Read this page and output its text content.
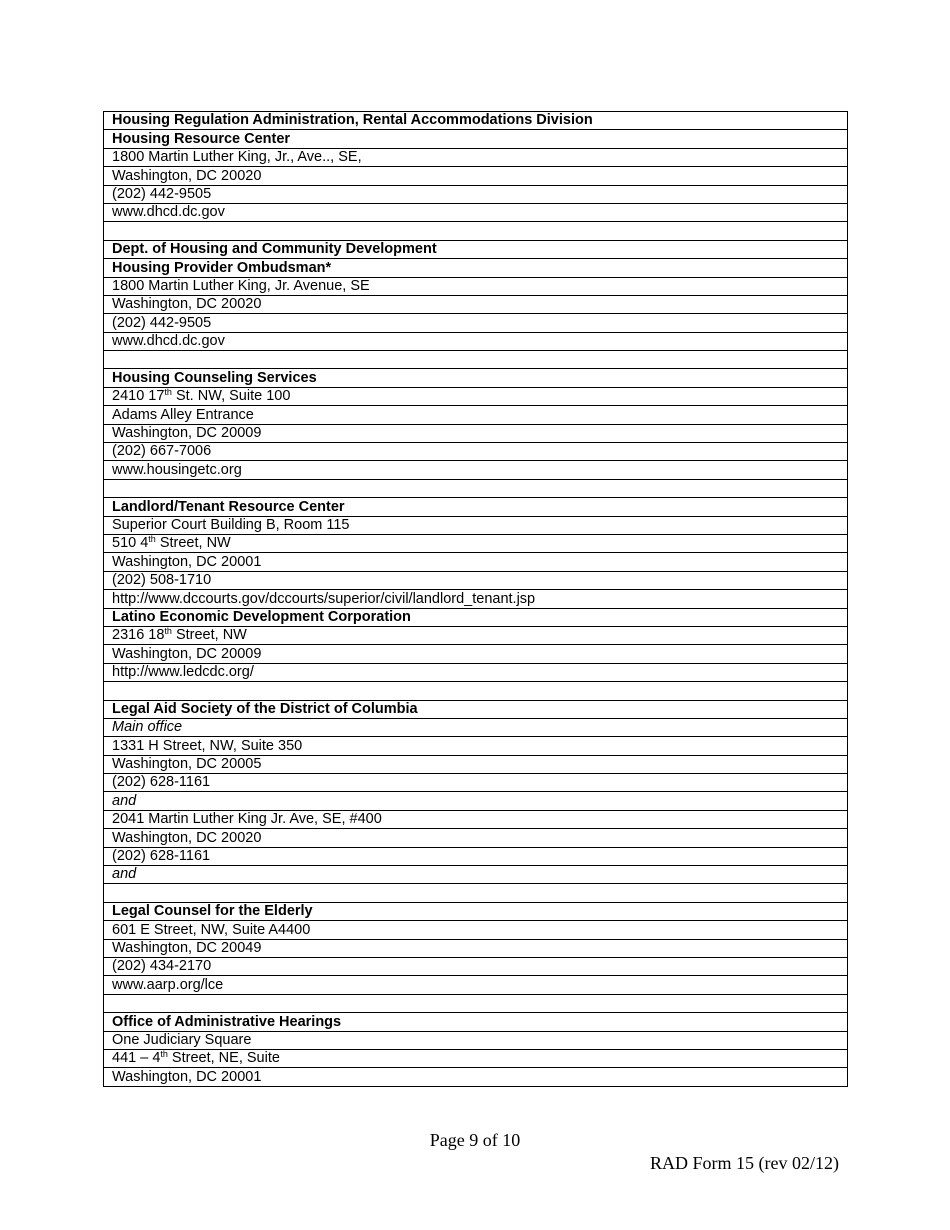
Housing Regulation Administration, Rental Accommodations Division
Housing Resource Center
1800 Martin Luther King, Jr., Ave.., SE,
Washington, DC 20020
(202) 442-9505
www.dhcd.dc.gov

Dept. of Housing and Community Development
Housing Provider Ombudsman*
1800 Martin Luther King, Jr. Avenue, SE
Washington, DC 20020
(202) 442-9505
www.dhcd.dc.gov

Housing Counseling Services
2410 17th St. NW, Suite 100
Adams Alley Entrance
Washington, DC 20009
(202) 667-7006
www.housingetc.org

Landlord/Tenant Resource Center
Superior Court Building B, Room 115
510 4th Street, NW
Washington, DC 20001
(202) 508-1710
http://www.dccourts.gov/dccourts/superior/civil/landlord_tenant.jsp
Latino Economic Development Corporation
2316 18th Street, NW
Washington, DC 20009
http://www.ledcdc.org/

Legal Aid Society of the District of Columbia
Main office
1331 H Street, NW, Suite 350
Washington, DC 20005
(202) 628-1161
and
2041 Martin Luther King Jr. Ave, SE, #400
Washington, DC 20020
(202) 628-1161
and

Legal Counsel for the Elderly
601 E Street, NW, Suite A4400
Washington, DC 20049
(202) 434-2170
www.aarp.org/lce

Office of Administrative Hearings
One Judiciary Square
441 – 4th Street, NE, Suite
Washington, DC 20001
Page 9 of 10
RAD Form 15 (rev 02/12)
